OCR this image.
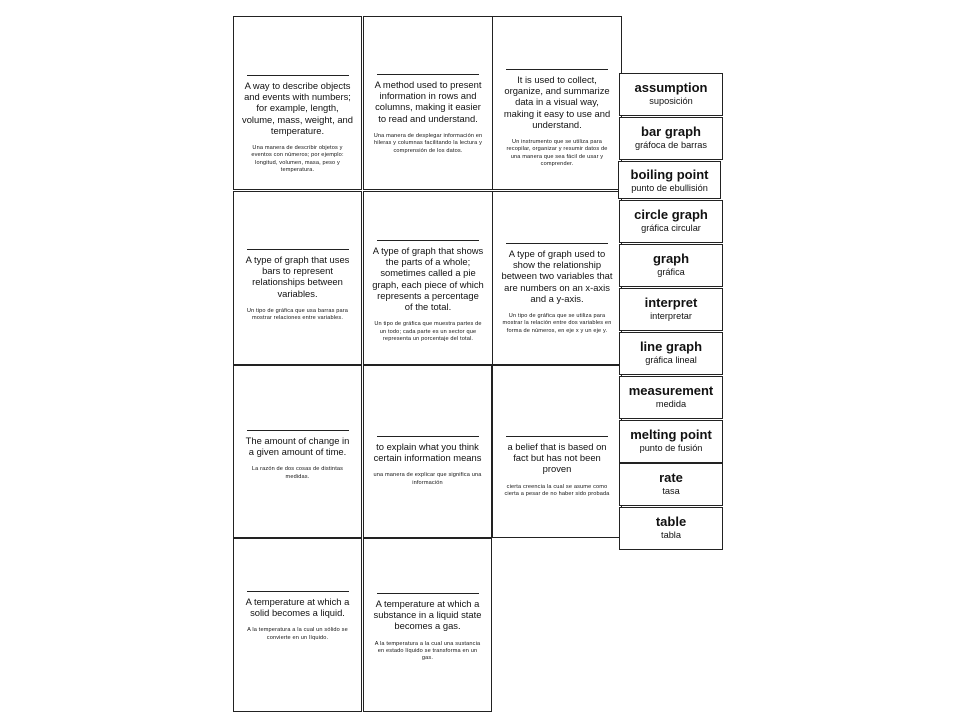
A way to describe objects and events with numbers; for example, length, volume, mass, weight, and temperature.
Una manera de describir objetos y eventos con números; por ejemplo: longitud, volumen, masa, peso y temperatura.
A method used to present information in rows and columns, making it easier to read and understand.
Una manera de desplegar información en hileras y columnas facilitando la lectura y comprensión de los datos.
It is used to collect, organize, and summarize data in a visual way, making it easy to use and understand.
Un instrumento que se utiliza para recopilar, organizar y resumir datos de una manera que sea fácil de usar y comprender.
A type of graph that uses bars to represent relationships between variables.
Un tipo de gráfica que usa barras para mostrar relaciones entre variables.
A type of graph that shows the parts of a whole; sometimes called a pie graph, each piece of which represents a percentage of the total.
Un tipo de gráfica que muestra partes de un todo; cada parte es un sector que representa un porcentaje del total.
A type of graph used to show the relationship between two variables that are numbers on an x-axis and a y-axis.
Un tipo de gráfica que se utiliza para mostrar la relación entre dos variables en forma de números, en eje x y un eje y.
The amount of change in a given amount of time.
La razón de dos cosas de distintas medidas.
to explain what you think certain information means
una manera de explicar que significa una información
a belief that is based on fact but has not been proven
cierta creencia la cual se asume como cierta a pesar de no haber sido probada
A temperature at which a solid becomes a liquid.
A la temperatura a la cual un sólido se convierte en un líquido.
A temperature at which a substance in a liquid state becomes a gas.
A la temperatura a la cual una sustancia en estado líquido se transforma en un gas.
assumption
suposición
bar graph
gráfoca de barras
boiling point
punto de ebullisión
circle graph
gráfica circular
graph
gráfica
interpret
interpretar
line graph
gráfica lineal
measurement
medida
melting point
punto de fusión
rate
tasa
table
tabla
